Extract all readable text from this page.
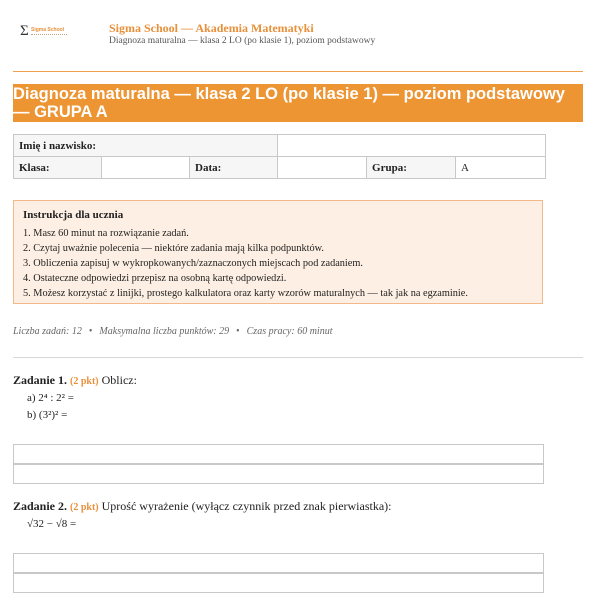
Σ Sigma School	Sigma School — Akademia Matematyki
Diagnoza maturalna — klasa 2 LO (po klasie 1), poziom podstawowy
Diagnoza maturalna — klasa 2 LO (po klasie 1) — poziom podstawowy — GRUPA A
Imię i nazwisko:					
Klasa:		Data:		Grupa:	A
Instrukcja dla ucznia
1. Masz 60 minut na rozwiązanie zadań.
2. Czytaj uważnie polecenia — niektóre zadania mają kilka podpunktów.
3. Obliczenia zapisuj w wykropkowanych/zaznaczonych miejscach pod zadaniem.
4. Ostateczne odpowiedzi przepisz na osobną kartę odpowiedzi.
5. Możesz korzystać z linijki, prostego kalkulatora oraz karty wzorów maturalnych — tak jak na egzaminie.
Liczba zadań: 12 • Maksymalna liczba punktów: 29 • Czas pracy: 60 minut
Zadanie 1. (2 pkt) Oblicz:
a) 2⁴ : 2² =
b) (3²)² =
Zadanie 2. (2 pkt) Uprość wyrażenie (wyłącz czynnik przed znak pierwiastka):
√32 − √8 =
